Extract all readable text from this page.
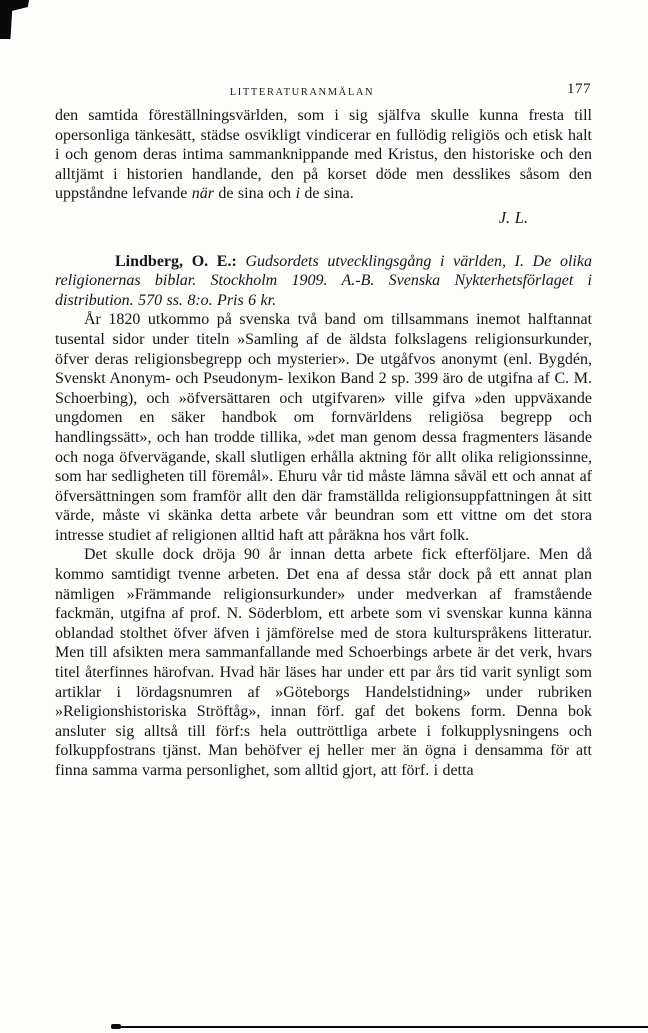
LITTERATURANMÄLAN	177

den samtida föreställningsvärlden, som i sig själfva skulle kunna fresta till opersonliga tänkesätt, städse osvikligt vindicerar en fullödig religiös och etisk halt i och genom deras intima sammanknippande med Kristus, den historiske och den alltjämt i historien handlande, den på korset döde men desslikes såsom den uppståndne lefvande när de sina och i de sina.

J. L.

Lindberg, O. E.: Gudsordets utvecklingsgång i världen, I. De olika religionernas biblar. Stockholm 1909. A.-B. Svenska Nykterhetsförlaget i distribution. 570 ss. 8:o. Pris 6 kr.

År 1820 utkommo på svenska två band om tillsammans inemot halftannat tusental sidor under titeln »Samling af de äldsta folkslagens religionsurkunder, öfver deras religionsbegrepp och mysterier». De utgåfvos anonymt (enl. Bygdén, Svenskt Anonym- och Pseudonym- lexikon Band 2 sp. 399 äro de utgifna af C. M. Schoerbing), och »öfversättaren och utgifvaren» ville gifva »den uppväxande ungdomen en säker handbok om fornvärldens religiösa begrepp och handlingssätt», och han trodde tillika, »det man genom dessa fragmenters läsande och noga öfvervägande, skall slutligen erhålla aktning för allt olika religionssinne, som har sedligheten till föremål». Ehuru vår tid måste lämna såväl ett och annat af öfversättningen som framför allt den där framställda religionsuppfattningen åt sitt värde, måste vi skänka detta arbete vår beundran som ett vittne om det stora intresse studiet af religionen alltid haft att påräkna hos vårt folk.

Det skulle dock dröja 90 år innan detta arbete fick efterföljare. Men då kommo samtidigt tvenne arbeten. Det ena af dessa står dock på ett annat plan nämligen »Främmande religionsurkunder» under medverkan af framstående fackmän, utgifna af prof. N. Söderblom, ett arbete som vi svenskar kunna känna oblandad stolthet öfver äfven i jämförelse med de stora kulturspråkens litteratur. Men till afsikten mera sammanfallande med Schoerbings arbete är det verk, hvars titel återfinnes härofvan. Hvad här läses har under ett par års tid varit synligt som artiklar i lördagsnumren af »Göteborgs Handelstidning» under rubriken »Religionshistoriska Ströftåg», innan förf. gaf det bokens form. Denna bok ansluter sig alltså till förf:s hela outtröttliga arbete i folkupplysningens och folkuppfostrans tjänst. Man behöfver ej heller mer än ögna i densamma för att finna samma varma personlighet, som alltid gjort, att förf. i detta
